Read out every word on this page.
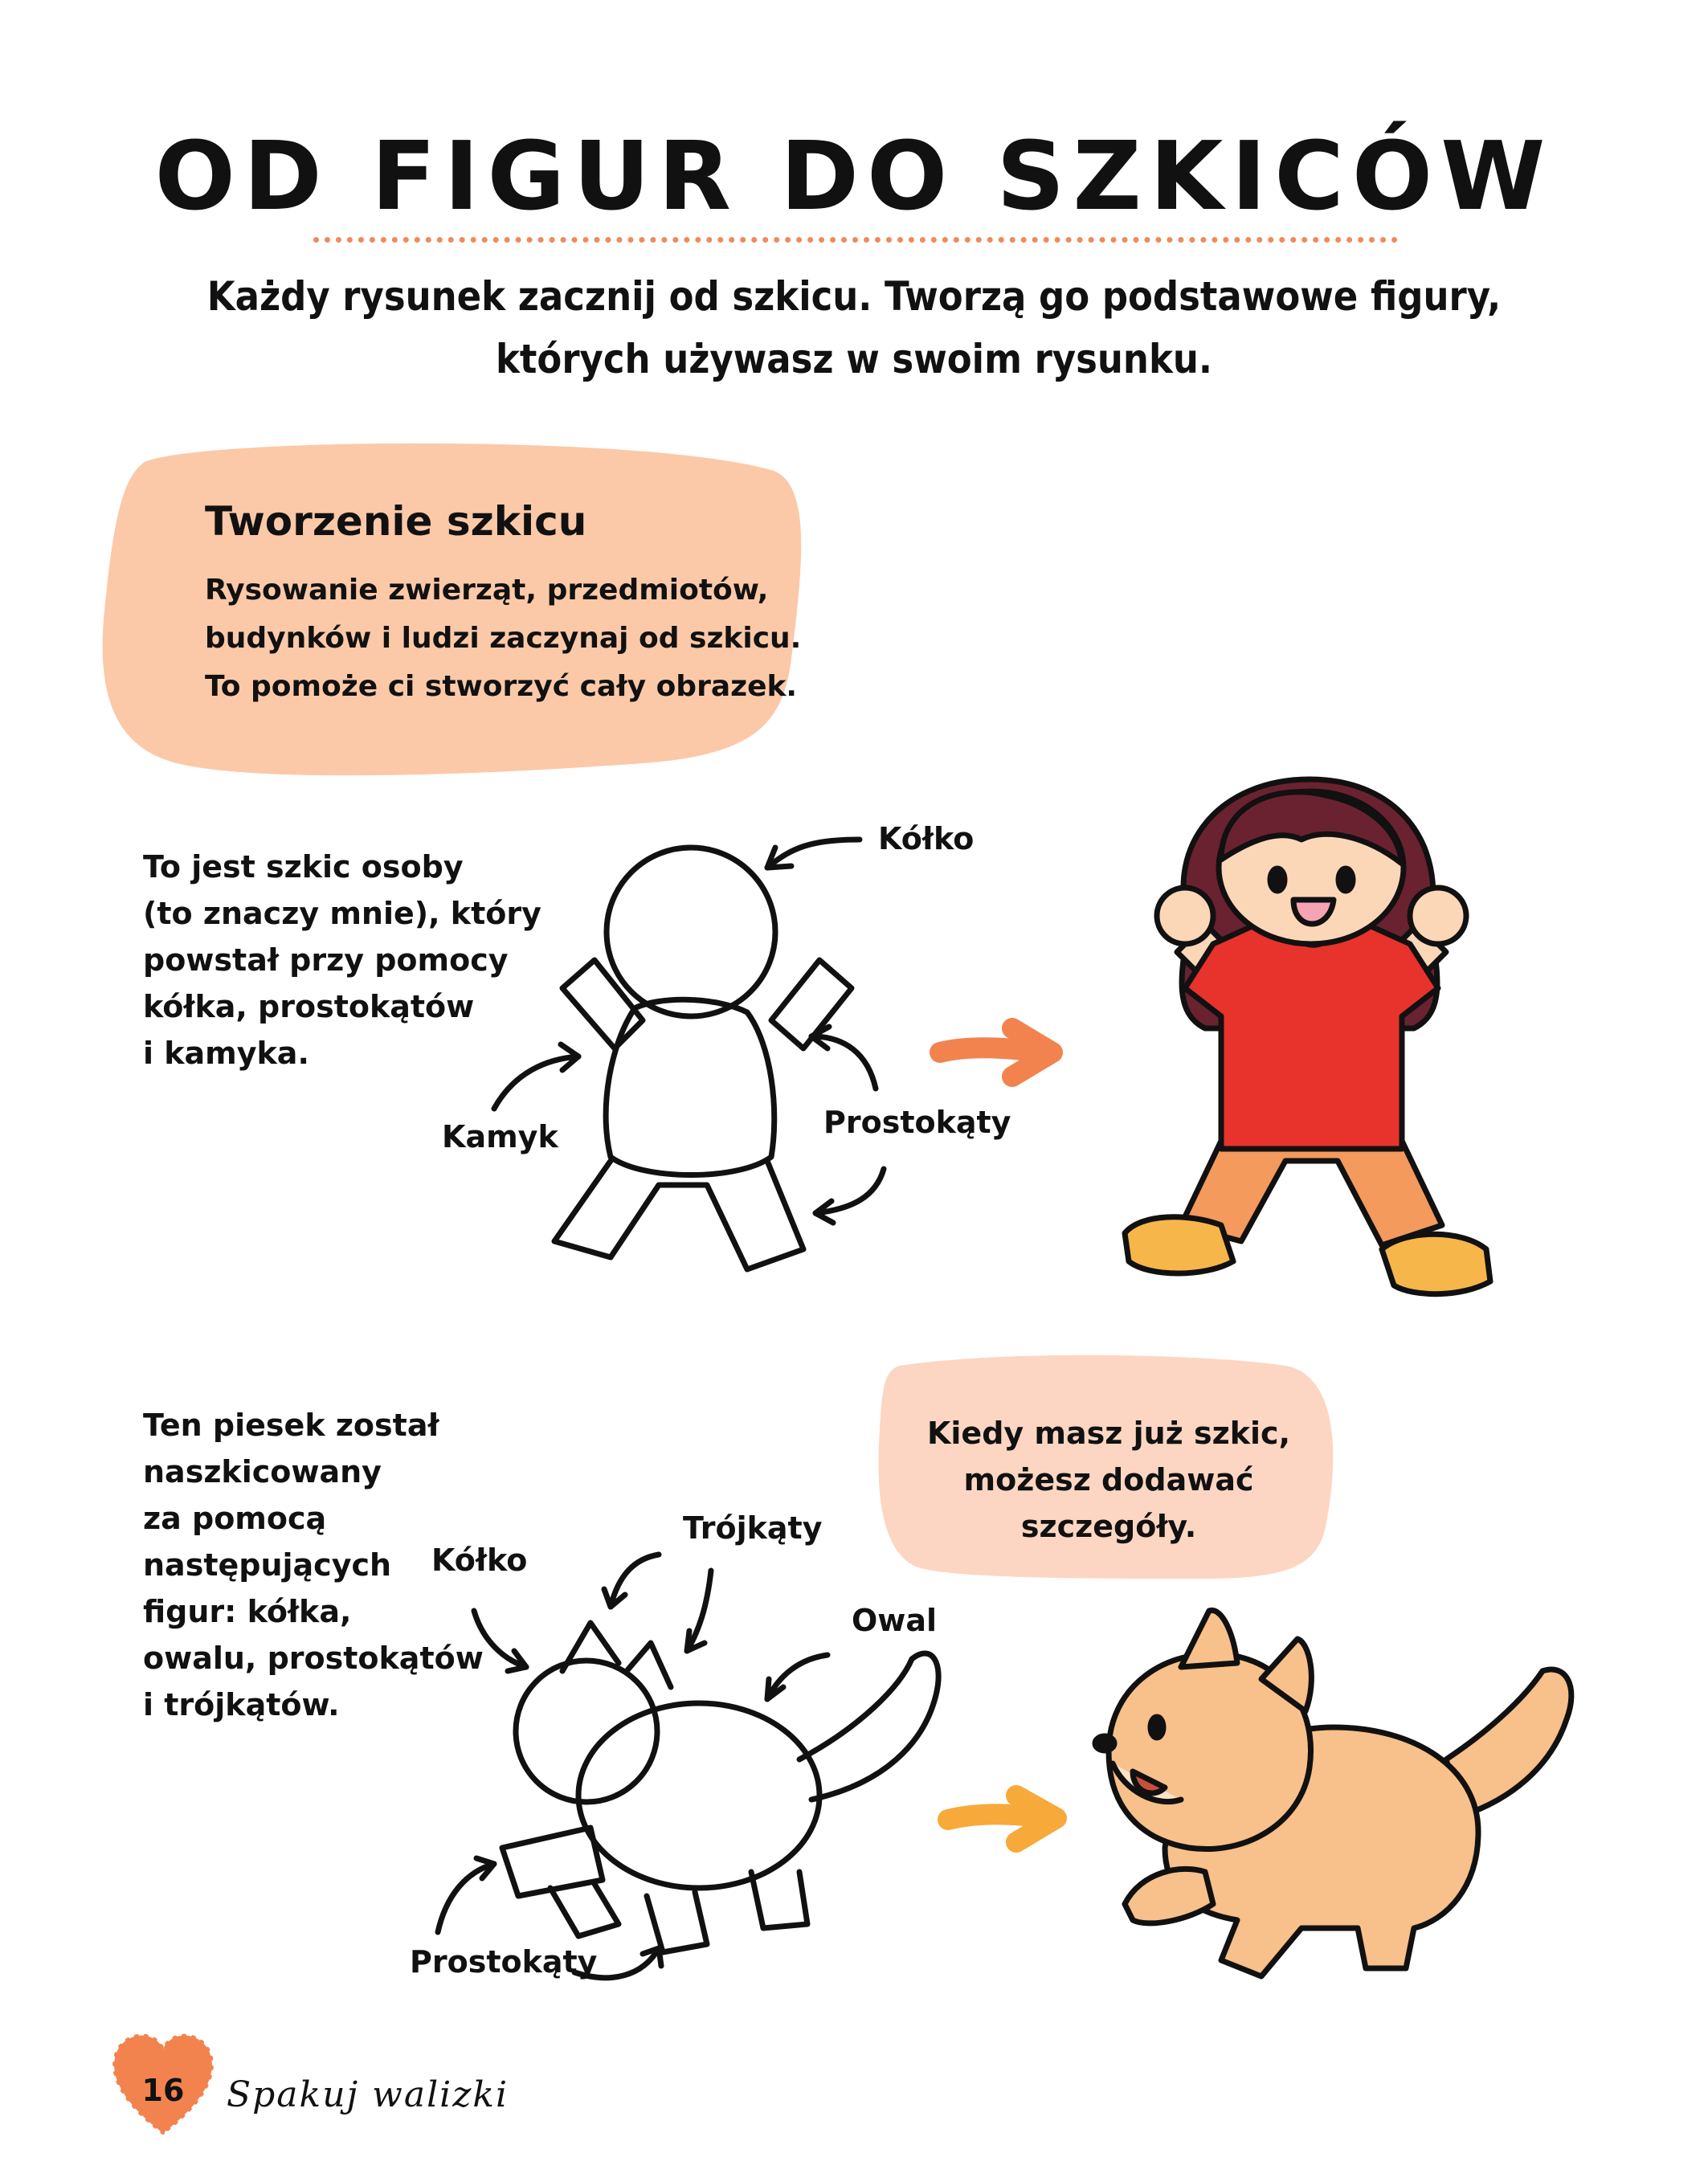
OD FIGUR DO SZKICÓW
Każdy rysunek zacznij od szkicu. Tworzą go podstawowe figury,
których używasz w swoim rysunku.
Tworzenie szkicu
Rysowanie zwierząt, przedmiotów,
budynków i ludzi zaczynaj od szkicu.
To pomoże ci stworzyć cały obrazek.
To jest szkic osoby
(to znaczy mnie), który
powstał przy pomocy
kółka, prostokątów
i kamyka.
Kółko
Kamyk	Prostokąty
Ten piesek został
naszkicowany
za pomocą
następujących
figur: kółka,
owalu, prostokątów
i trójkątów.
Kiedy masz już szkic,
możesz dodawać szczegóły.
Kółko
Trójkąty
Owal
Prostokąty
16 Spakuj walizki
